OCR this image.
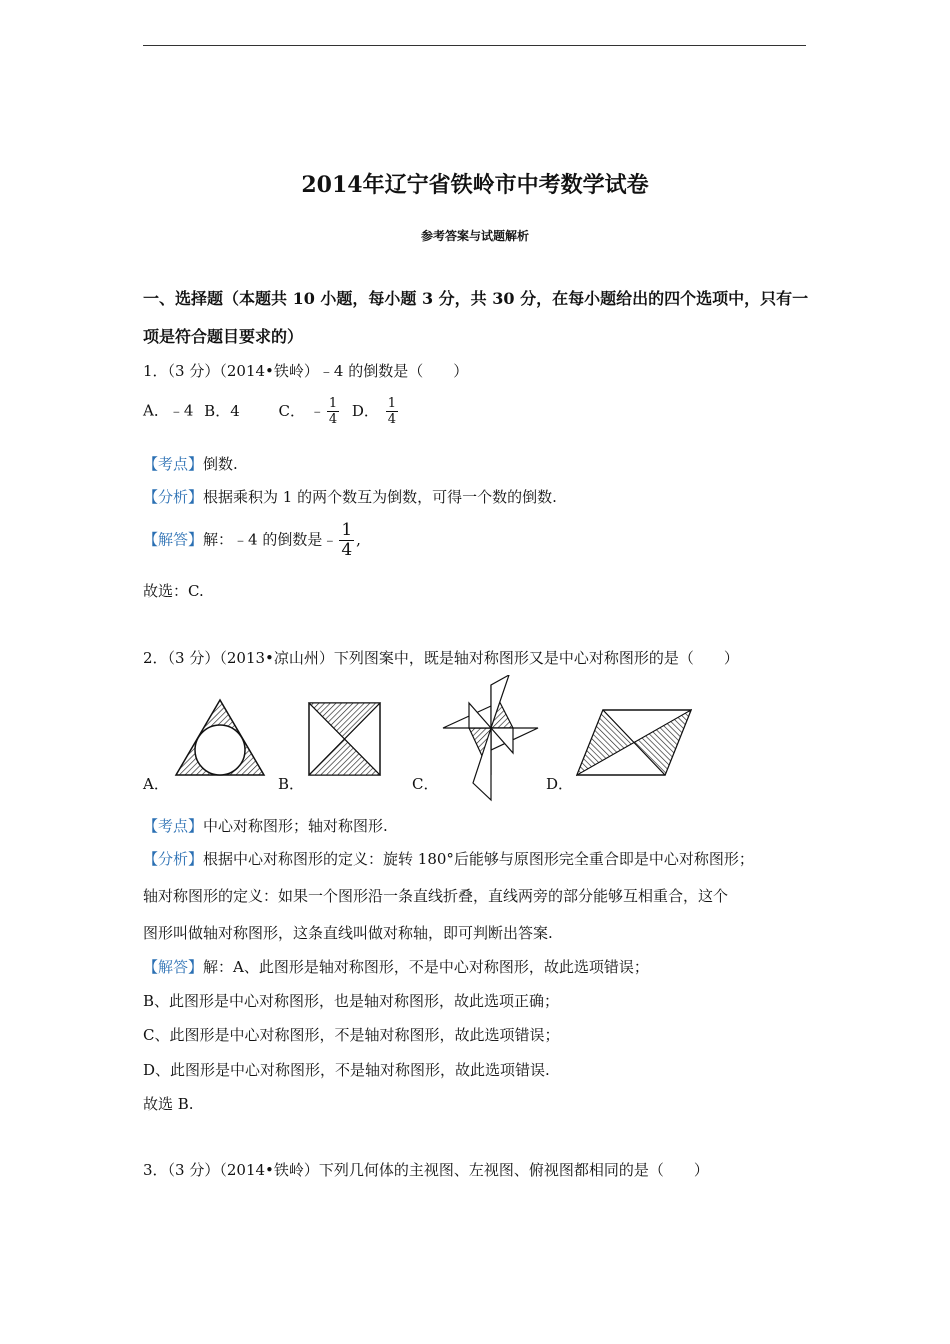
2014年辽宁省铁岭市中考数学试卷
参考答案与试题解析
一、选择题（本题共 10 小题，每小题 3 分，共 30 分，在每小题给出的四个选项中，只有一
项是符合题目要求的）
1．（3 分）（2014•铁岭）﹣4 的倒数是（　　）
A．﹣4 B．4	C． ﹣ $\frac{1}{4}$ D． $\frac{1}{4}$
【考点】倒数.
【分析】根据乘积为 1 的两个数互为倒数，可得一个数的倒数.
【解答】解：﹣4 的倒数是﹣ $\frac{1}{4}$ ,
故选：C.
2．（3 分）（2013•凉山州）下列图案中，既是轴对称图形又是中心对称图形的是（　　）
A．	B．	C．	D．
【考点】中心对称图形；轴对称图形.
【分析】根据中心对称图形的定义：旋转 180°后能够与原图形完全重合即是中心对称图形；
轴对称图形的定义：如果一个图形沿一条直线折叠，直线两旁的部分能够互相重合，这个
图形叫做轴对称图形，这条直线叫做对称轴，即可判断出答案.
【解答】解：A、此图形是轴对称图形，不是中心对称图形，故此选项错误；
B、此图形是中心对称图形，也是轴对称图形，故此选项正确；
C、此图形是中心对称图形，不是轴对称图形，故此选项错误；
D、此图形是中心对称图形，不是轴对称图形，故此选项错误.
故选 B.
3．（3 分）（2014•铁岭）下列几何体的主视图、左视图、俯视图都相同的是（　　）
